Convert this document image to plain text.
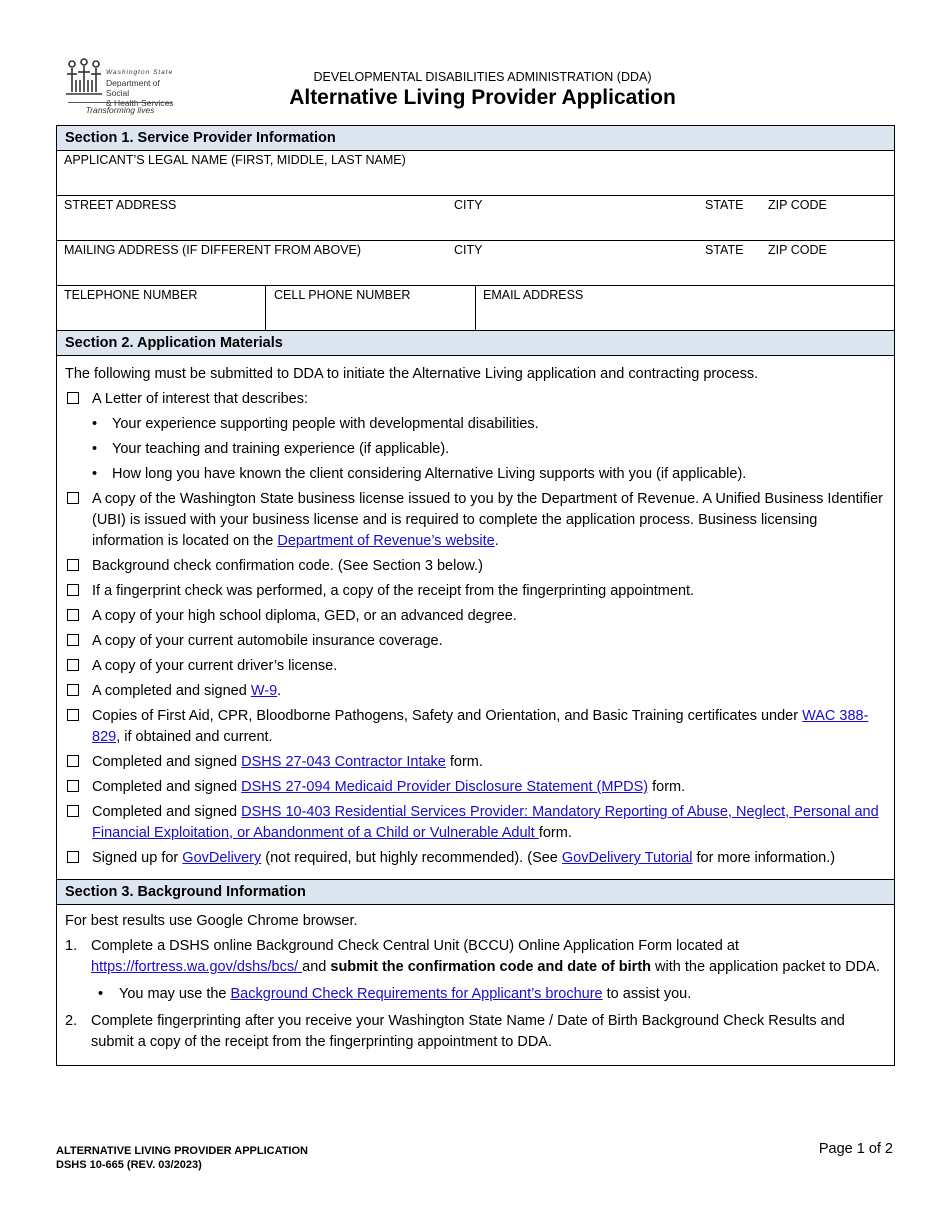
Washington State
Department of Social
& Health Services
Transforming lives
DEVELOPMENTAL DISABILITIES ADMINISTRATION (DDA)
Alternative Living Provider Application
Section 1. Service Provider Information
APPLICANT’S LEGAL NAME (FIRST, MIDDLE, LAST NAME)
STREET ADDRESS	CITY	STATE ZIP CODE
MAILING ADDRESS (IF DIFFERENT FROM ABOVE)	CITY	STATE ZIP CODE
TELEPHONE NUMBER	CELL PHONE NUMBER	EMAIL ADDRESS
Section 2. Application Materials

The following must be submitted to DDA to initiate the Alternative Living application and contracting process.

A Letter of interest that describes:
• Your experience supporting people with developmental disabilities.
• Your teaching and training experience (if applicable).
• How long you have known the client considering Alternative Living supports with you (if applicable).
A copy of the Washington State business license issued to you by the Department of Revenue. A Unified Business Identifier (UBI) is issued with your business license and is required to complete the application process. Business licensing information is located on the Department of Revenue’s website.
Background check confirmation code. (See Section 3 below.)
If a fingerprint check was performed, a copy of the receipt from the fingerprinting appointment.
A copy of your high school diploma, GED, or an advanced degree.
A copy of your current automobile insurance coverage.
A copy of your current driver’s license.
A completed and signed W-9.
Copies of First Aid, CPR, Bloodborne Pathogens, Safety and Orientation, and Basic Training certificates under WAC 388-829, if obtained and current.
Completed and signed DSHS 27-043 Contractor Intake form.
Completed and signed DSHS 27-094 Medicaid Provider Disclosure Statement (MPDS) form.
Completed and signed DSHS 10-403 Residential Services Provider: Mandatory Reporting of Abuse, Neglect, Personal and Financial Exploitation, or Abandonment of a Child or Vulnerable Adult form.
Signed up for GovDelivery (not required, but highly recommended). (See GovDelivery Tutorial for more information.)
Section 3. Background Information

For best results use Google Chrome browser.

1. Complete a DSHS online Background Check Central Unit (BCCU) Online Application Form located at https://fortress.wa.gov/dshs/bcs/ and submit the confirmation code and date of birth with the application packet to DDA.
• You may use the Background Check Requirements for Applicant’s brochure to assist you.
2. Complete fingerprinting after you receive your Washington State Name / Date of Birth Background Check Results and submit a copy of the receipt from the fingerprinting appointment to DDA.
ALTERNATIVE LIVING PROVIDER APPLICATION
DSHS 10-665 (REV. 03/2023)
Page 1 of 2
